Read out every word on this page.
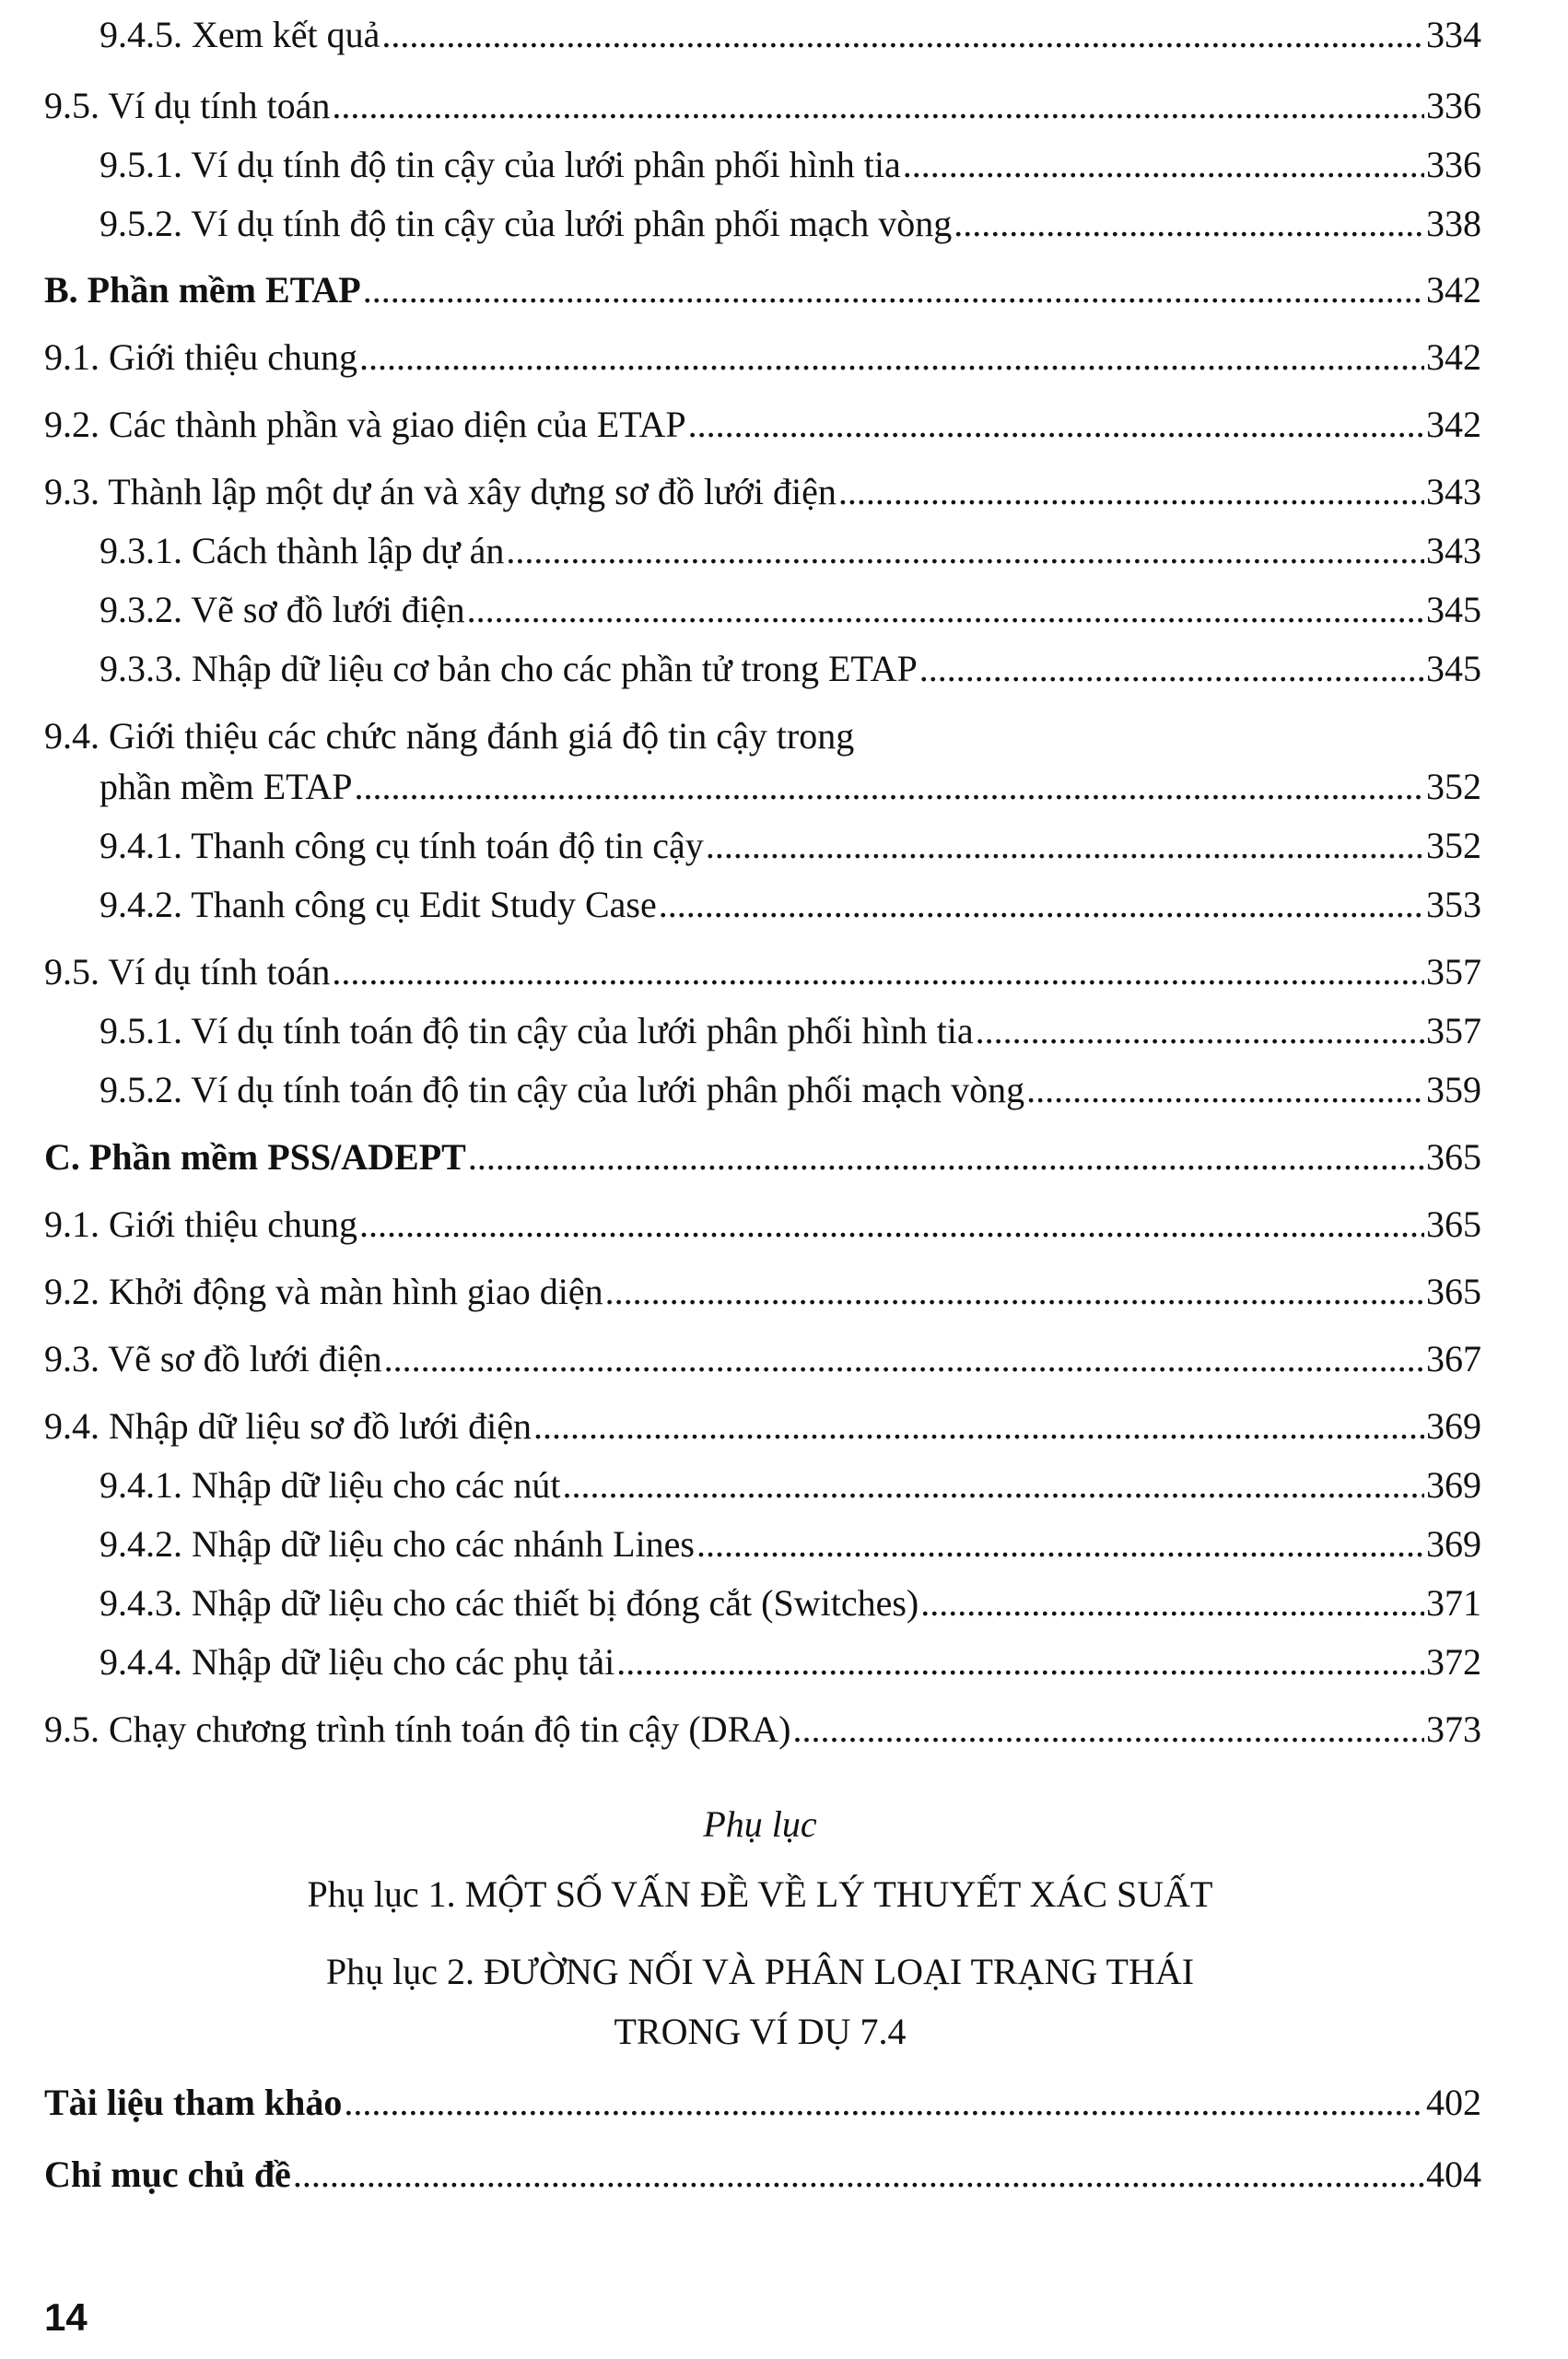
9.4.5. Xem kết quả .....	334
9.5. Ví dụ tính toán .....	336
9.5.1. Ví dụ tính độ tin cậy của lưới phân phối hình tia .....	336
9.5.2. Ví dụ tính độ tin cậy của lưới phân phối mạch vòng .....	338
B. Phần mềm ETAP .....	342
9.1. Giới thiệu chung .....	342
9.2. Các thành phần và giao diện của ETAP .....	342
9.3. Thành lập một dự án và xây dựng sơ đồ lưới điện .....	343
9.3.1. Cách thành lập dự án .....	343
9.3.2. Vẽ sơ đồ lưới điện .....	345
9.3.3. Nhập dữ liệu cơ bản cho các phần tử trong ETAP .....	345
9.4. Giới thiệu các chức năng đánh giá độ tin cậy trong
phần mềm ETAP .....	352
9.4.1. Thanh công cụ tính toán độ tin cậy .....	352
9.4.2. Thanh công cụ Edit Study Case .....	353
9.5. Ví dụ tính toán .....	357
9.5.1. Ví dụ tính toán độ tin cậy của lưới phân phối hình tia .....	357
9.5.2. Ví dụ tính toán độ tin cậy của lưới phân phối mạch vòng .....	359
C. Phần mềm PSS/ADEPT .....	365
9.1. Giới thiệu chung .....	365
9.2. Khởi động và màn hình giao diện .....	365
9.3. Vẽ sơ đồ lưới điện .....	367
9.4. Nhập dữ liệu sơ đồ lưới điện .....	369
9.4.1. Nhập dữ liệu cho các nút .....	369
9.4.2. Nhập dữ liệu cho các nhánh Lines .....	369
9.4.3. Nhập dữ liệu cho các thiết bị đóng cắt (Switches) .....	371
9.4.4. Nhập dữ liệu cho các phụ tải .....	372
9.5. Chạy chương trình tính toán độ tin cậy (DRA) .....	373
Phụ lục
Phụ lục 1. MỘT SỐ VẤN ĐỀ VỀ LÝ THUYẾT XÁC SUẤT
Phụ lục 2. ĐƯỜNG NỐI VÀ PHÂN LOẠI TRẠNG THÁI
TRONG VÍ DỤ 7.4
Tài liệu tham khảo .....	402
Chỉ mục chủ đề .....	404
14
